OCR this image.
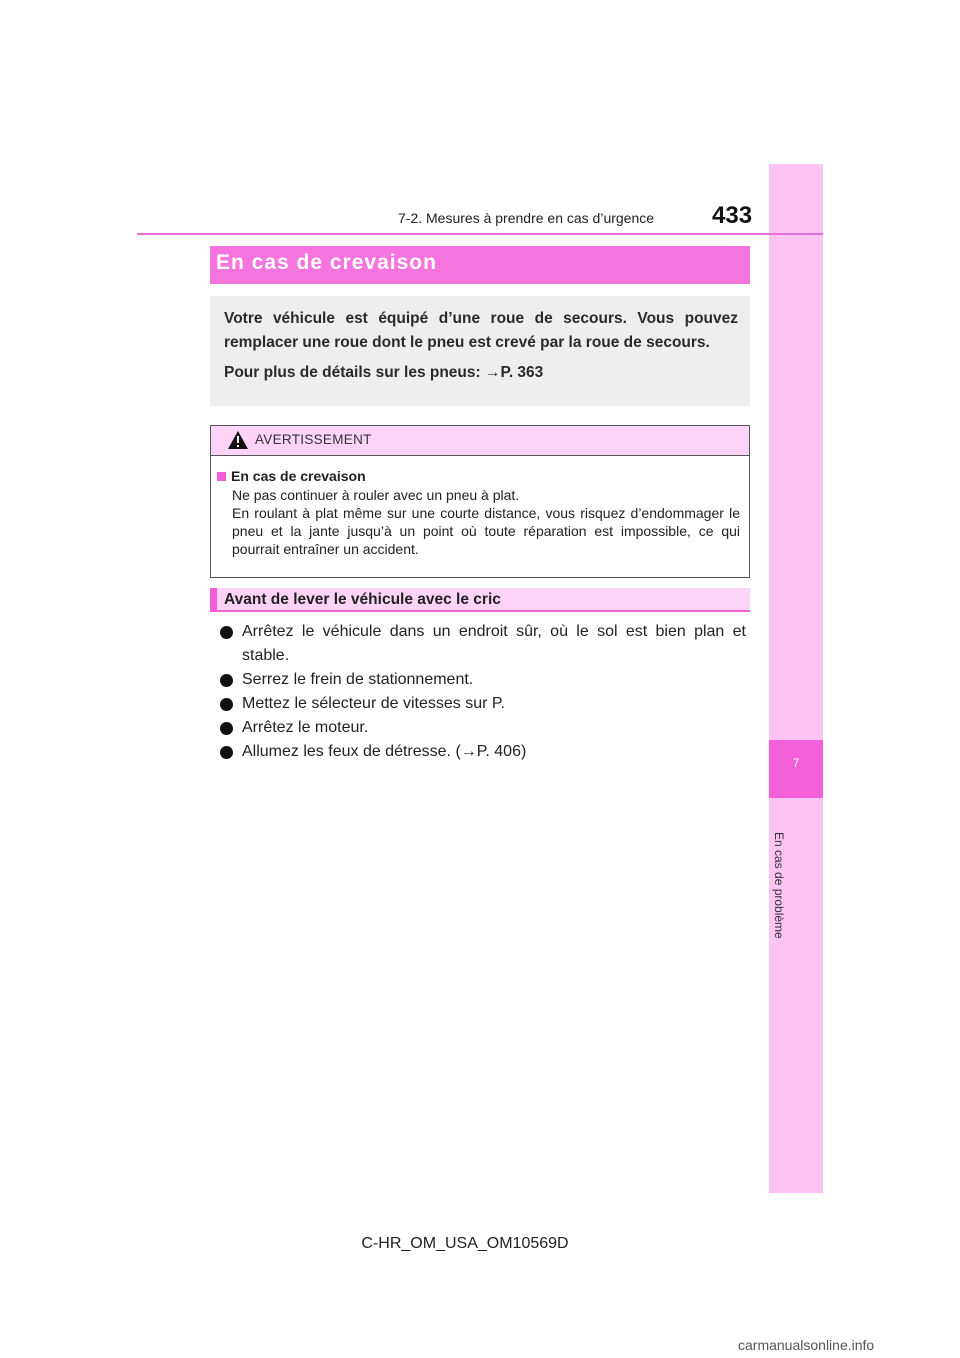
7
En cas de problème
7-2. Mesures à prendre en cas d’urgence 433
En cas de crevaison

Votre véhicule est équipé d’une roue de secours. Vous pouvez remplacer une roue dont le pneu est crevé par la roue de secours.

Pour plus de détails sur les pneus: →P. 363

AVERTISSEMENT

En cas de crevaison

Ne pas continuer à rouler avec un pneu à plat.

En roulant à plat même sur une courte distance, vous risquez d’endommager le pneu et la jante jusqu’à un point où toute réparation est impossible, ce qui pourrait entraîner un accident.

Avant de lever le véhicule avec le cric
Arrêtez le véhicule dans un endroit sûr, où le sol est bien plan et stable.
Serrez le frein de stationnement.
Mettez le sélecteur de vitesses sur P.
Arrêtez le moteur.
Allumez les feux de détresse. (→P. 406)
C-HR_OM_USA_OM10569D
carmanualsonline.info
